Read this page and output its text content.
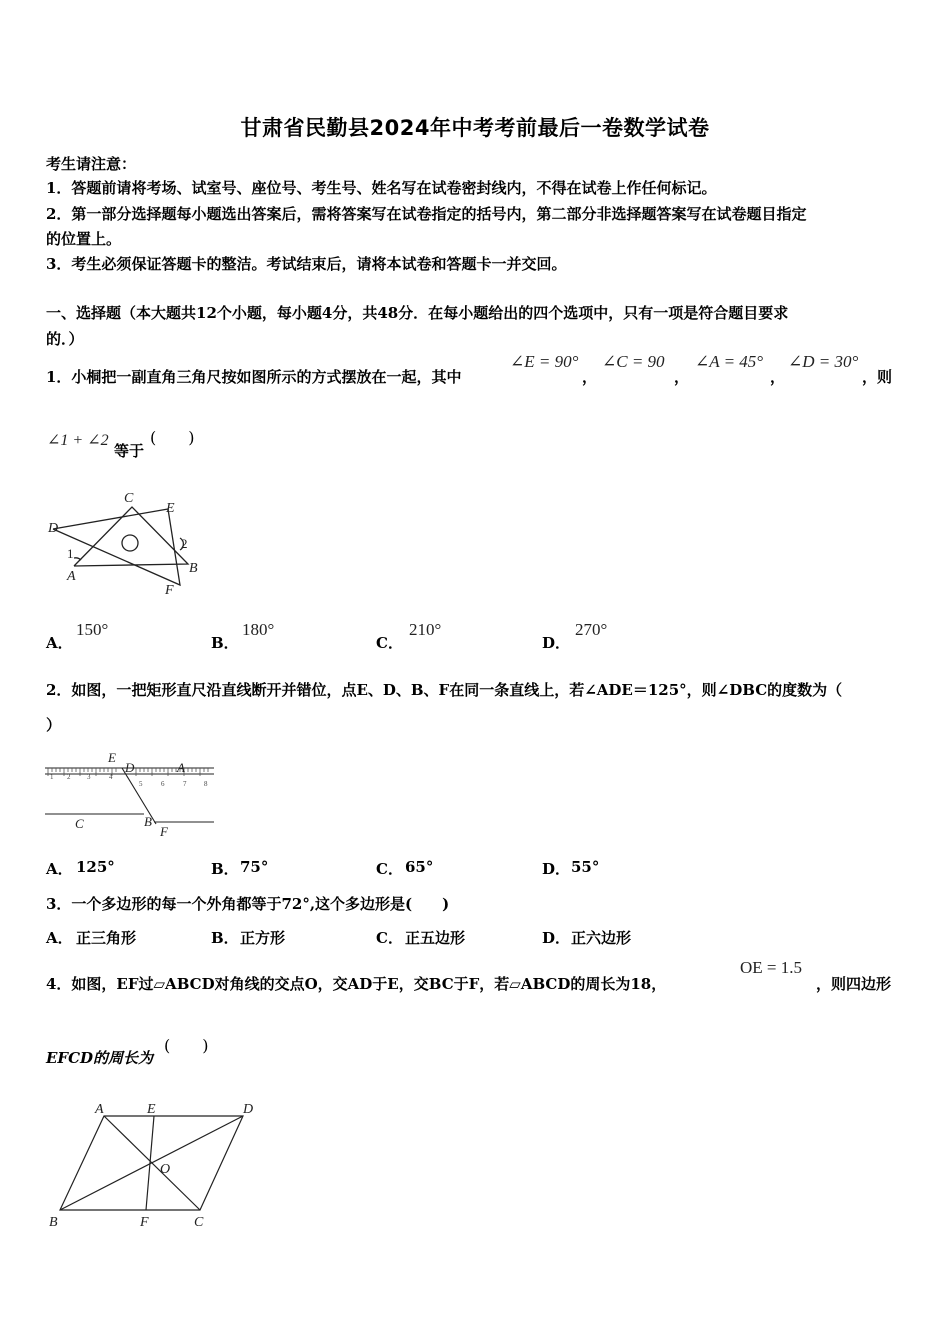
甘肃省民勤县2024年中考考前最后一卷数学试卷
考生请注意：
1．答题前请将考场、试室号、座位号、考生号、姓名写在试卷密封线内，不得在试卷上作任何标记。
2．第一部分选择题每小题选出答案后，需将答案写在试卷指定的括号内，第二部分非选择题答案写在试卷题目指定
的位置上。
3．考生必须保证答题卡的整洁。考试结束后，请将本试卷和答题卡一并交回。
一、选择题（本大题共12个小题，每小题4分，共48分．在每小题给出的四个选项中，只有一项是符合题目要求
的．）
1．小桐把一副直角三角尺按如图所示的方式摆放在一起，其中
∠E = 90°
，
∠C = 90
，
∠A = 45°
，
∠D = 30°
，则
∠1 + ∠2
等于
(　　)
C
E
D
A
B
F
1
2
A．
150°
B．
180°
C．
210°
D．
270°
2．如图，一把矩形直尺沿直线断开并错位，点E、D、B、F在同一条直线上，若∠ADE＝125°，则∠DBC的度数为（
）
1 2 3	4
5	6	7	8
E
D	A
C	B
F
A． 125°	B． 75°	C． 65°	D． 55°
3．一个多边形的每一个外角都等于72°,这个多边形是(　　)
A． 正三角形	B． 正方形	C． 正五边形	D． 正六边形
4．如图，EF过▱ABCD对角线的交点O，交AD于E，交BC于F，若▱ABCD的周长为18，
OE = 1.5
，则四边形
EFCD的周长为
(　　)
A	E	D
O
B	F	C
